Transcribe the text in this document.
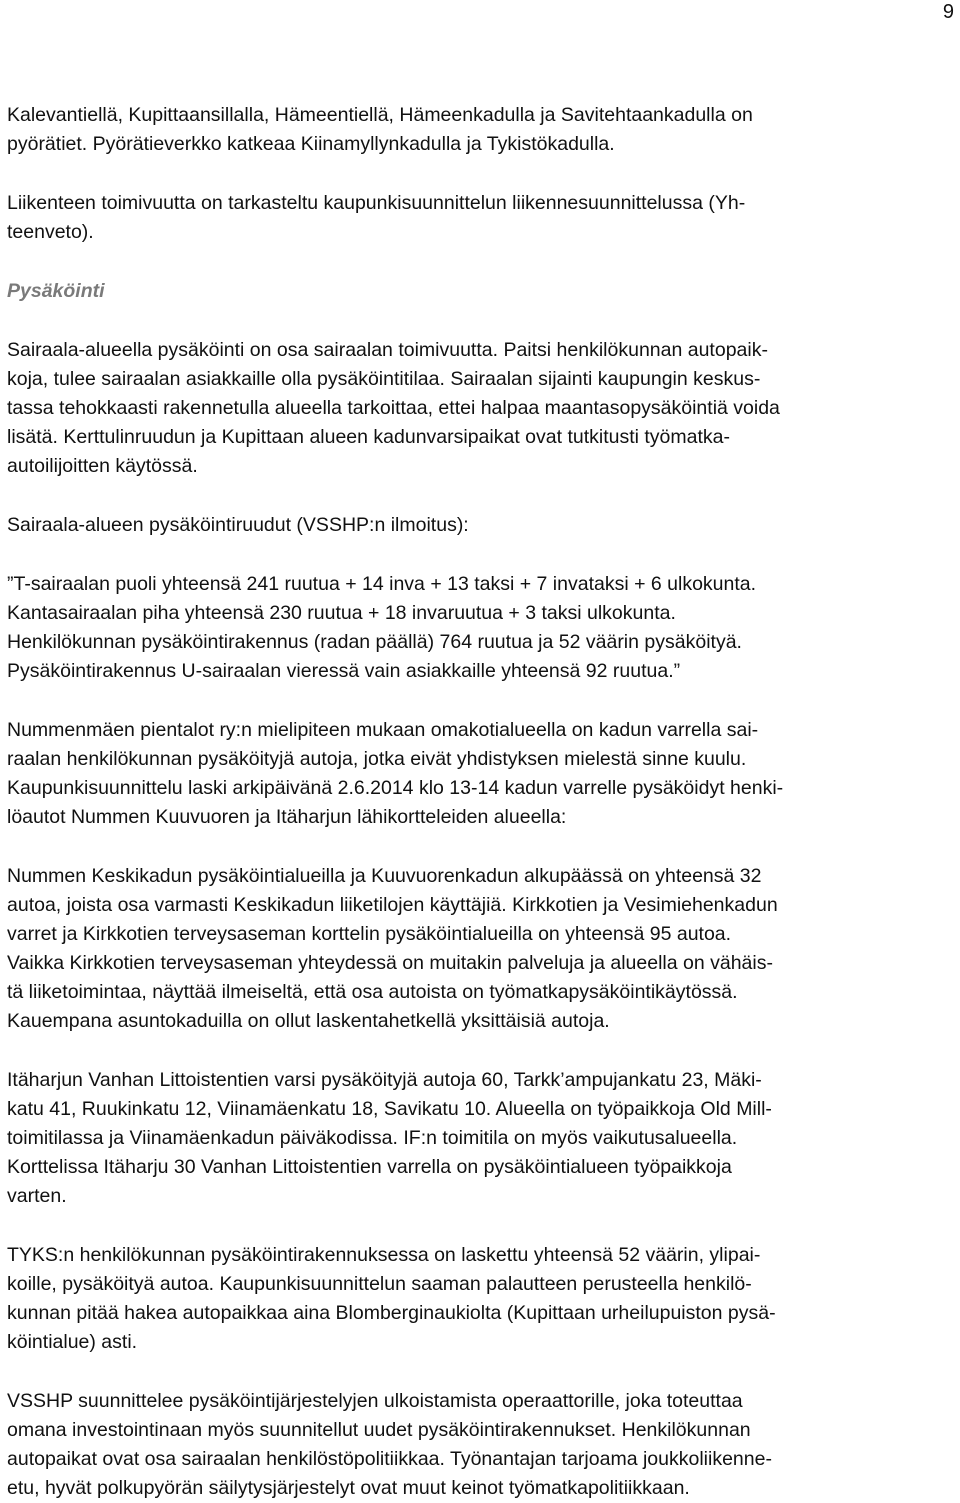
9

Kalevantiellä, Kupittaansillalla, Hämeentiellä, Hämeenkadulla ja Savitehtaankadulla on
pyörätiet. Pyörätieverkko katkeaa Kiinamyllynkadulla ja Tykistökadulla.

Liikenteen toimivuutta on tarkasteltu kaupunkisuunnittelun liikennesuunnittelussa (Yh-
teenveto).

Pysäköinti

Sairaala-alueella pysäköinti on osa sairaalan toimivuutta. Paitsi henkilökunnan autopaik-
koja, tulee sairaalan asiakkaille olla pysäköintitilaa. Sairaalan sijainti kaupungin keskus-
tassa tehokkaasti rakennetulla alueella tarkoittaa, ettei halpaa maantasopysäköintiä voida
lisätä. Kerttulinruudun ja Kupittaan alueen kadunvarsipaikat ovat tutkitusti työmatka-
autoilijoitten käytössä.

Sairaala-alueen pysäköintiruudut (VSSHP:n ilmoitus):

”T-sairaalan puoli yhteensä 241 ruutua + 14 inva + 13 taksi + 7 invataksi + 6 ulkokunta.
Kantasairaalan piha yhteensä 230 ruutua + 18 invaruutua + 3 taksi ulkokunta.
Henkilökunnan pysäköintirakennus (radan päällä) 764 ruutua ja 52 väärin pysäköityä.
Pysäköintirakennus U-sairaalan vieressä vain asiakkaille yhteensä 92 ruutua.”

Nummenmäen pientalot ry:n mielipiteen mukaan omakotialueella on kadun varrella sai-
raalan henkilökunnan pysäköityjä autoja, jotka eivät yhdistyksen mielestä sinne kuulu.
Kaupunkisuunnittelu laski arkipäivänä 2.6.2014 klo 13-14 kadun varrelle pysäköidyt henki-
löautot Nummen Kuuvuoren ja Itäharjun lähikortteleiden alueella:

Nummen Keskikadun pysäköintialueilla ja Kuuvuorenkadun alkupäässä on yhteensä 32
autoa, joista osa varmasti Keskikadun liiketilojen käyttäjiä. Kirkkotien ja Vesimiehenkadun
varret ja Kirkkotien terveysaseman korttelin pysäköintialueilla on yhteensä 95 autoa.
Vaikka Kirkkotien terveysaseman yhteydessä on muitakin palveluja ja alueella on vähäis-
tä liiketoimintaa, näyttää ilmeiseltä, että osa autoista on työmatkapysäköintikäytössä.
Kauempana asuntokaduilla on ollut laskentahetkellä yksittäisiä autoja.

Itäharjun Vanhan Littoistentien varsi pysäköityjä autoja 60, Tarkk’ampujankatu 23, Mäki-
katu 41, Ruukinkatu 12, Viinamäenkatu 18, Savikatu 10. Alueella on työpaikkoja Old Mill-
toimitilassa ja Viinamäenkadun päiväkodissa. IF:n toimitila on myös vaikutusalueella.
Korttelissa Itäharju 30 Vanhan Littoistentien varrella on pysäköintialueen työpaikkoja
varten.

TYKS:n henkilökunnan pysäköintirakennuksessa on laskettu yhteensä 52 väärin, ylipai-
koille, pysäköityä autoa. Kaupunkisuunnittelun saaman palautteen perusteella henkilö-
kunnan pitää hakea autopaikkaa aina Blomberginaukiolta (Kupittaan urheilupuiston pysä-
köintialue) asti.

VSSHP suunnittelee pysäköintijärjestelyjen ulkoistamista operaattorille, joka toteuttaa
omana investointinaan myös suunnitellut uudet pysäköintirakennukset. Henkilökunnan
autopaikat ovat osa sairaalan henkilöstöpolitiikkaa. Työnantajan tarjoama joukkoliikenne-
etu, hyvät polkupyörän säilytysjärjestelyt ovat muut keinot työmatkapolitiikkaan.
